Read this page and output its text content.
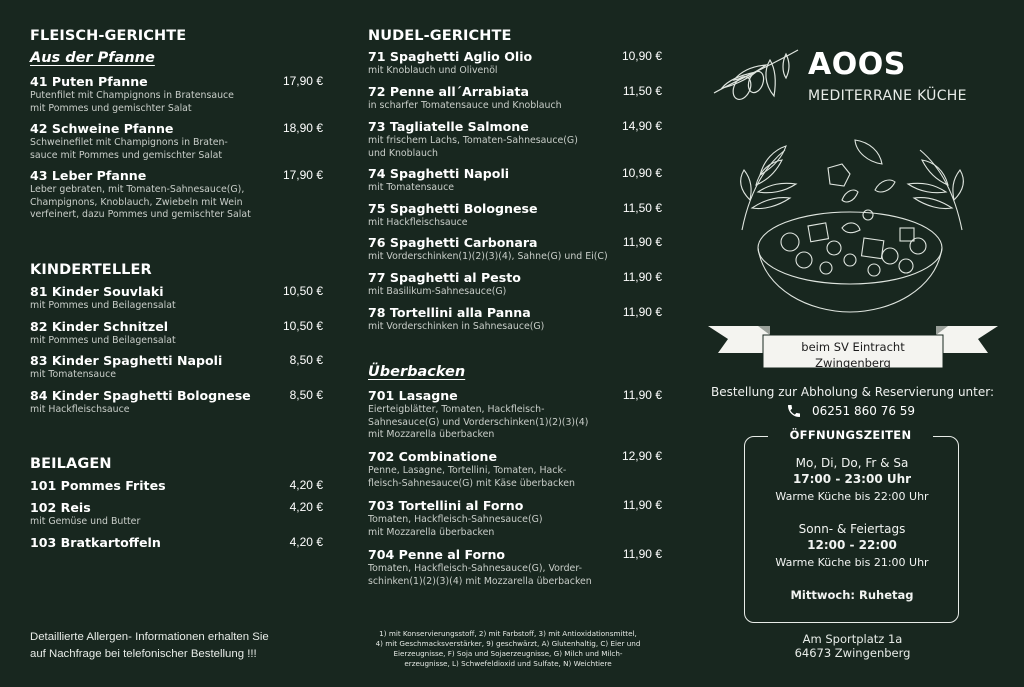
FLEISCH-GERICHTE
Aus der Pfanne
41 Puten Pfanne	17,90 €
Putenfilet mit Champignons in Bratensauce
mit Pommes und gemischter Salat
42 Schweine Pfanne	18,90 €
Schweinefilet mit Champignons in Braten-
sauce mit Pommes und gemischter Salat
43 Leber Pfanne	17,90 €
Leber gebraten, mit Tomaten-Sahnesauce(G),
Champignons, Knoblauch, Zwiebeln mit Wein
verfeinert, dazu Pommes und gemischter Salat
KINDERTELLER
81 Kinder Souvlaki	10,50 €
mit Pommes und Beilagensalat
82 Kinder Schnitzel	10,50 €
mit Pommes und Beilagensalat
83 Kinder Spaghetti Napoli	8,50 €
mit Tomatensauce
84 Kinder Spaghetti Bolognese	8,50 €
mit Hackfleischsauce
BEILAGEN
101 Pommes Frites	4,20 €
102 Reis	4,20 €
mit Gemüse und Butter
103 Bratkartoffeln	4,20 €
Detaillierte Allergen- Informationen erhalten Sie
auf Nachfrage bei telefonischer Bestellung !!!
NUDEL-GERICHTE
71 Spaghetti Aglio Olio	10,90 €
mit Knoblauch und Olivenöl
72 Penne all´Arrabiata	11,50 €
in scharfer Tomatensauce und Knoblauch
73 Tagliatelle Salmone	14,90 €
mit frischem Lachs, Tomaten-Sahnesauce(G)
und Knoblauch
74 Spaghetti Napoli	10,90 €
mit Tomatensauce
75 Spaghetti Bolognese	11,50 €
mit Hackfleischsauce
76 Spaghetti Carbonara	11,90 €
mit Vorderschinken(1)(2)(3)(4), Sahne(G) und Ei(C)
77 Spaghetti al Pesto	11,90 €
mit Basilikum-Sahnesauce(G)
78 Tortellini alla Panna	11,90 €
mit Vorderschinken in Sahnesauce(G)
Überbacken
701 Lasagne	11,90 €
Eierteigblätter, Tomaten, Hackfleisch-
Sahnesauce(G) und Vorderschinken(1)(2)(3)(4)
mit Mozzarella überbacken
702 Combinatione	12,90 €
Penne, Lasagne, Tortellini, Tomaten, Hack-
fleisch-Sahnesauce(G) mit Käse überbacken
703 Tortellini al Forno	11,90 €
Tomaten, Hackfleisch-Sahnesauce(G)
mit Mozzarella überbacken
704 Penne al Forno	11,90 €
Tomaten, Hackfleisch-Sahnesauce(G), Vorder-
schinken(1)(2)(3)(4) mit Mozzarella überbacken
1) mit Konservierungsstoff, 2) mit Farbstoff, 3) mit Antioxidationsmittel,
4) mit Geschmacksverstärker, 9) geschwärzt, A) Glutenhaltig, C) Eier und
Eierzeugnisse, F) Soja und Sojaerzeugnisse, G) Milch und Milch-
erzeugnisse, L) Schwefeldioxid und Sulfate, N) Weichtiere
AOOS
MEDITERRANE KÜCHE
beim SV Eintracht
Zwingenberg
Bestellung zur Abholung & Reservierung unter:
06251 860 76 59
ÖFFNUNGSZEITEN
Mo, Di, Do, Fr & Sa
17:00 - 23:00 Uhr
Warme Küche bis 22:00 Uhr
Sonn- & Feiertags
12:00 - 22:00
Warme Küche bis 21:00 Uhr
Mittwoch: Ruhetag
Am Sportplatz 1a
64673 Zwingenberg
